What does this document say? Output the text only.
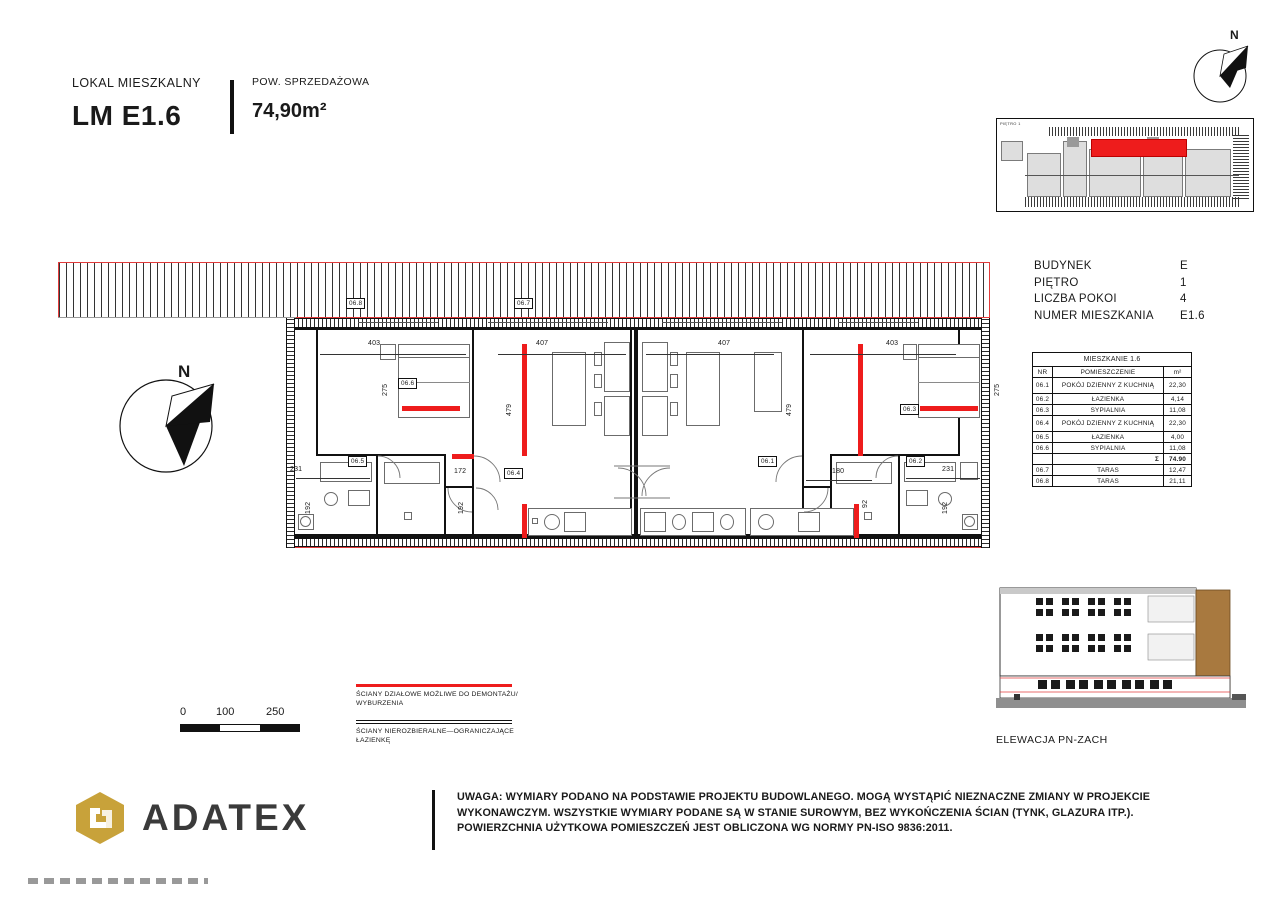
LOKAL MIESZKALNY
LM E1.6
POW. SPRZEDAŻOWA
74,90m²
N
PIĘTRO 1
BUDYNEK	E
PIĘTRO	1
LICZBA POKOI	4
NUMER MIESZKANIA E1.6
MIESZKANIE 1.6		
NR	POMIESZCZENIE	m²
06.1	POKÓJ DZIENNY Z KUCHNIĄ	22,30
06.2	ŁAZIENKA	4,14
06.3	SYPIALNIA	11,08
06.4	POKÓJ DZIENNY Z KUCHNIĄ	22,30
06.5	ŁAZIENKA	4,00
06.6	SYPIALNIA	11,08
	Σ	74.90
06.7	TARAS	12,47
06.8	TARAS	21,11
ELEWACJA PN-ZACH
N
06.8	06.7
06.6
06.3
06.5
06.4
06.1	06.2
403	407	407	403
231	172	180	231
275
479	479
275
192	192	92	192
0	100	250
ŚCIANY DZIAŁOWE MOŻLIWE DO DEMONTAŻU/ WYBURZENIA
ŚCIANY NIEROZBIERALNE—OGRANICZAJĄCE ŁAZIENKĘ
ADATEX	UWAGA: WYMIARY PODANO NA PODSTAWIE PROJEKTU BUDOWLANEGO. MOGĄ WYSTĄPIĆ NIEZNACZNE ZMIANY W PROJEKCIE WYKONAWCZYM. WSZYSTKIE WYMIARY PODANE SĄ W STANIE SUROWYM, BEZ WYKOŃCZENIA ŚCIAN (TYNK, GLAZURA ITP.). POWIERZCHNIA UŻYTKOWA POMIESZCZEŃ JEST OBLICZONA WG NORMY PN-ISO 9836:2011.
